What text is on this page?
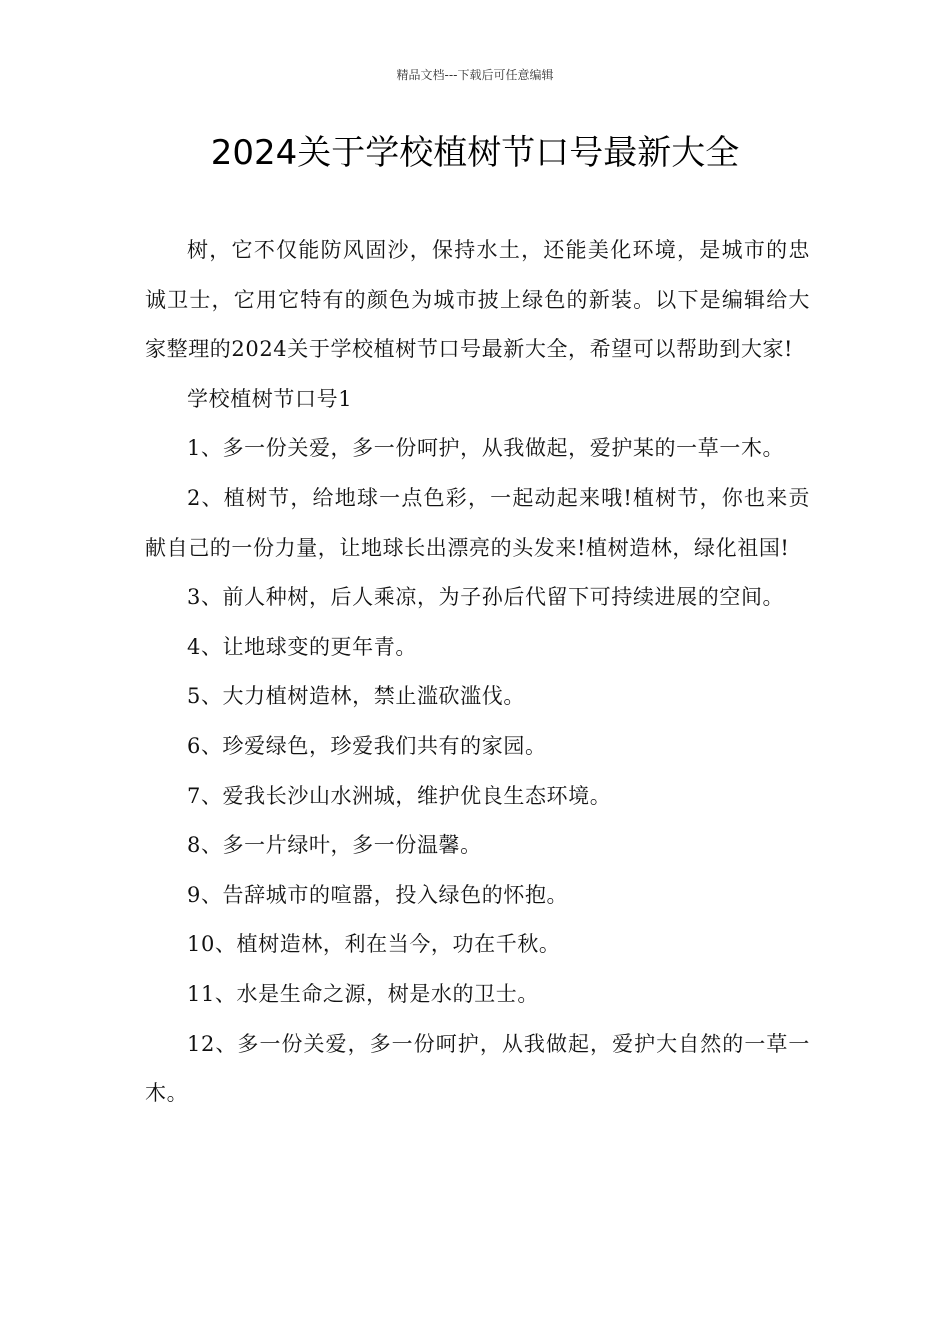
精品文档---下载后可任意编辑
2024关于学校植树节口号最新大全

树，它不仅能防风固沙，保持水土，还能美化环境，是城市的忠诚卫士，它用它特有的颜色为城市披上绿色的新装。以下是编辑给大家整理的2024关于学校植树节口号最新大全，希望可以帮助到大家!

学校植树节口号1

1、多一份关爱，多一份呵护，从我做起，爱护某的一草一木。

2、植树节，给地球一点色彩，一起动起来哦!植树节，你也来贡献自己的一份力量，让地球长出漂亮的头发来!植树造林，绿化祖国!

3、前人种树，后人乘凉，为子孙后代留下可持续进展的空间。

4、让地球变的更年青。

5、大力植树造林，禁止滥砍滥伐。

6、珍爱绿色，珍爱我们共有的家园。

7、爱我长沙山水洲城，维护优良生态环境。

8、多一片绿叶，多一份温馨。

9、告辞城市的喧嚣，投入绿色的怀抱。

10、植树造林，利在当今，功在千秋。

11、水是生命之源，树是水的卫士。

12、多一份关爱，多一份呵护，从我做起，爱护大自然的一草一木。
